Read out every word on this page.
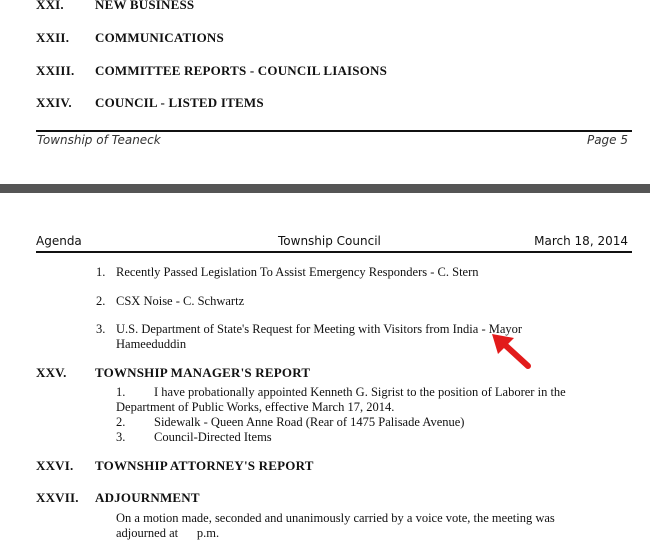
XXI. NEW BUSINESS
XXII. COMMUNICATIONS
XXIII. COMMITTEE REPORTS - COUNCIL LIAISONS
XXIV. COUNCIL - LISTED ITEMS
Township of Teaneck	Page 5
Agenda	Township Council	March 18, 2014
1. Recently Passed Legislation To Assist Emergency Responders - C. Stern
2. CSX Noise - C. Schwartz
3. U.S. Department of State's Request for Meeting with Visitors from India - Mayor
Hameeduddin
XXV. TOWNSHIP MANAGER'S REPORT
1. I have probationally appointed Kenneth G. Sigrist to the position of Laborer in the
Department of Public Works, effective March 17, 2014.
2. Sidewalk - Queen Anne Road (Rear of 1475 Palisade Avenue)
3. Council-Directed Items
XXVI. TOWNSHIP ATTORNEY'S REPORT
XXVII. ADJOURNMENT
On a motion made, seconded and unanimously carried by a voice vote, the meeting was
adjourned at      p.m.
